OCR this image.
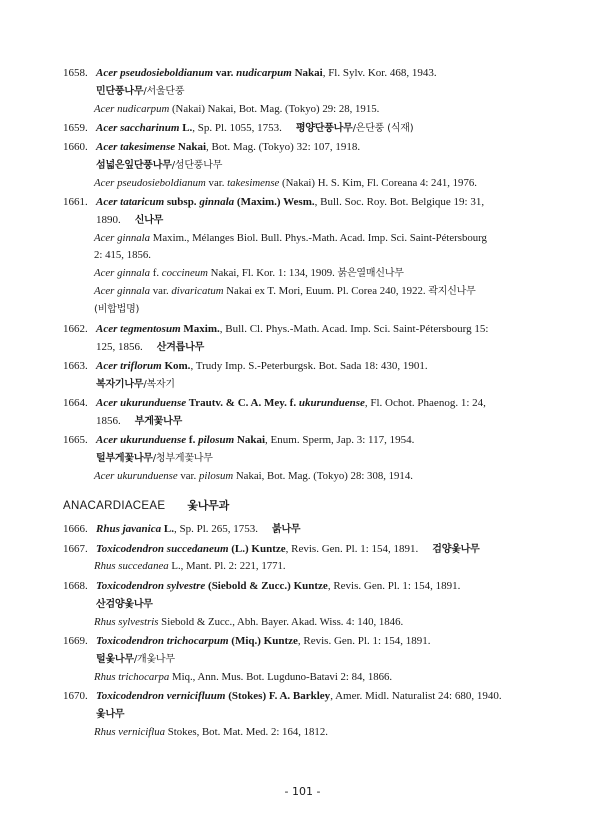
1658. Acer pseudosieboldianum var. nudicarpum Nakai, Fl. Sylv. Kor. 468, 1943.
민단풍나무/서울단풍
Acer nudicarpum (Nakai) Nakai, Bot. Mag. (Tokyo) 29: 28, 1915.
1659. Acer saccharinum L., Sp. Pl. 1055, 1753. 평양단풍나무/은단풍 (식재)
1660. Acer takesimense Nakai, Bot. Mag. (Tokyo) 32: 107, 1918.
섬넓은잎단풍나무/섬단풍나무
Acer pseudosieboldianum var. takesimense (Nakai) H. S. Kim, Fl. Coreana 4: 241, 1976.
1661. Acer tataricum subsp. ginnala (Maxim.) Wesm., Bull. Soc. Roy. Bot. Belgique 19: 31,
1890. 신나무
Acer ginnala Maxim., Mélanges Biol. Bull. Phys.-Math. Acad. Imp. Sci. Saint-Pétersbourg
2: 415, 1856.
Acer ginnala f. coccineum Nakai, Fl. Kor. 1: 134, 1909. 붉은열매신나무
Acer ginnala var. divaricatum Nakai ex T. Mori, Euum. Pl. Corea 240, 1922. 곽지신나무
(비합법명)
1662. Acer tegmentosum Maxim., Bull. Cl. Phys.-Math. Acad. Imp. Sci. Saint-Pétersbourg 15:
125, 1856. 산겨릅나무
1663. Acer triflorum Kom., Trudy Imp. S.-Peterburgsk. Bot. Sada 18: 430, 1901.
복자기나무/복자기
1664. Acer ukurunduense Trautv. & C. A. Mey. f. ukurunduense, Fl. Ochot. Phaenog. 1: 24,
1856. 부게꽃나무
1665. Acer ukurunduense f. pilosum Nakai, Enum. Sperm, Jap. 3: 117, 1954.
털부게꽃나무/청부게꽃나무
Acer ukurunduense var. pilosum Nakai, Bot. Mag. (Tokyo) 28: 308, 1914.
ANACARDIACEAE 옻나무과
1666. Rhus javanica L., Sp. Pl. 265, 1753. 붉나무
1667. Toxicodendron succedaneum (L.) Kuntze, Revis. Gen. Pl. 1: 154, 1891. 검양옻나무
Rhus succedanea L., Mant. Pl. 2: 221, 1771.
1668. Toxicodendron sylvestre (Siebold & Zucc.) Kuntze, Revis. Gen. Pl. 1: 154, 1891.
산검양옻나무
Rhus sylvestris Siebold & Zucc., Abh. Bayer. Akad. Wiss. 4: 140, 1846.
1669. Toxicodendron trichocarpum (Miq.) Kuntze, Revis. Gen. Pl. 1: 154, 1891.
털옻나무/개옻나무
Rhus trichocarpa Miq., Ann. Mus. Bot. Lugduno-Batavi 2: 84, 1866.
1670. Toxicodendron vernicifluum (Stokes) F. A. Barkley, Amer. Midl. Naturalist 24: 680, 1940.
옻나무
Rhus verniciflua Stokes, Bot. Mat. Med. 2: 164, 1812.
- 101 -
